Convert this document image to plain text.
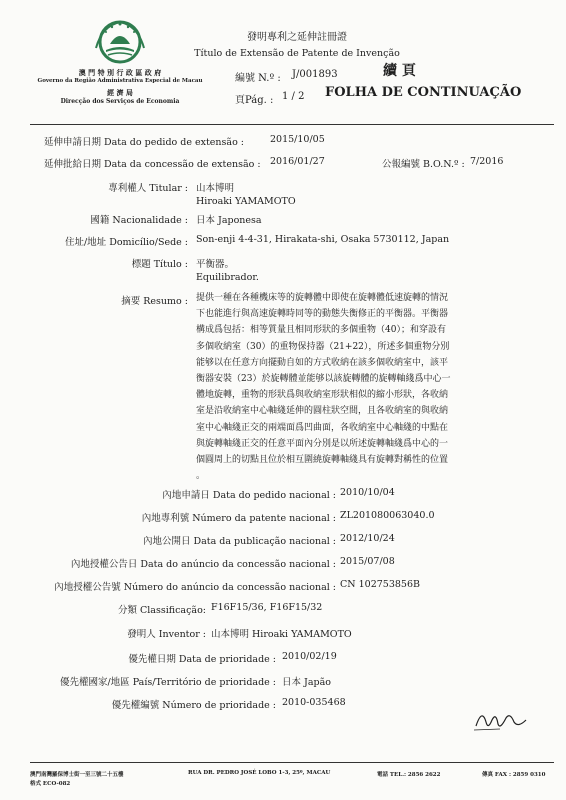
澳 門 特 別 行 政 區 政 府
Governo da Região Administrativa Especial de Macau
經 濟 局
Direcção dos Serviços de Economia
發明專利之延伸註冊證
Título de Extensão de Patente de Invenção
編號 N.º : J/001893
頁Pág. : 1 / 2
續 頁
FOLHA DE CONTINUAÇÃO
延伸申請日期 Data do pedido de extensão :	2015/10/05
延伸批給日期 Data da concessão de extensão : 2016/01/27	公報編號 B.O.N.º : 7/2016
專利權人 Titular : 山本博明
Hiroaki YAMAMOTO
國籍 Nacionalidade : 日本 Japonesa
住址/地址 Domicílio/Sede : Son-enji 4-4-31, Hirakata-shi, Osaka 5730112, Japan
標題 Título : 平衡器。
Equilibrador.
摘要 Resumo : 提供一種在各種機床等的旋轉體中即使在旋轉體低速旋轉的情況
下也能進行與高速旋轉時同等的動態失衡修正的平衡器。平衡器
構成爲包括：相等質量且相同形狀的多個重物（40）；和穿設有
多個收納室（30）的重物保持器（21+22），所述多個重物分別
能够以在任意方向擺動自如的方式收納在該多個收納室中，該平
衡器安裝（23）於旋轉體並能够以該旋轉體的旋轉軸綫爲中心一
體地旋轉，重物的形狀爲與收納室形狀相似的縮小形狀，各收納
室是沿收納室中心軸綫延伸的圓柱狀空間，且各收納室的與收納
室中心軸綫正交的兩端面爲凹曲面，各收納室中心軸綫的中點在
與旋轉軸綫正交的任意平面內分別是以所述旋轉軸綫爲中心的一
個圓周上的切點且位於相互圍繞旋轉軸綫具有旋轉對稱性的位置
。
內地申請日 Data do pedido nacional : 2010/10/04
內地專利號 Número da patente nacional : ZL201080063040.0
內地公開日 Data da publicação nacional : 2012/10/24
內地授權公告日 Data do anúncio da concessão nacional : 2015/07/08
內地授權公告號 Número do anúncio da concessão nacional : CN 102753856B
分類 Classificação: F16F15/36, F16F15/32
發明人 Inventor : 山本博明 Hiroaki YAMAMOTO
優先權日期 Data de prioridade : 2010/02/19
優先權國家/地區 País/Território de prioridade : 日本 Japão
優先權編號 Número de prioridade : 2010-035468
澳門南灣羅保博士街一至三號二十五樓
格式 ECO-082
RUA DR. PEDRO JOSÉ LOBO 1-3, 25º, MACAU	電話 TEL.: 2856 2622	傳真 FAX : 2859 0310
